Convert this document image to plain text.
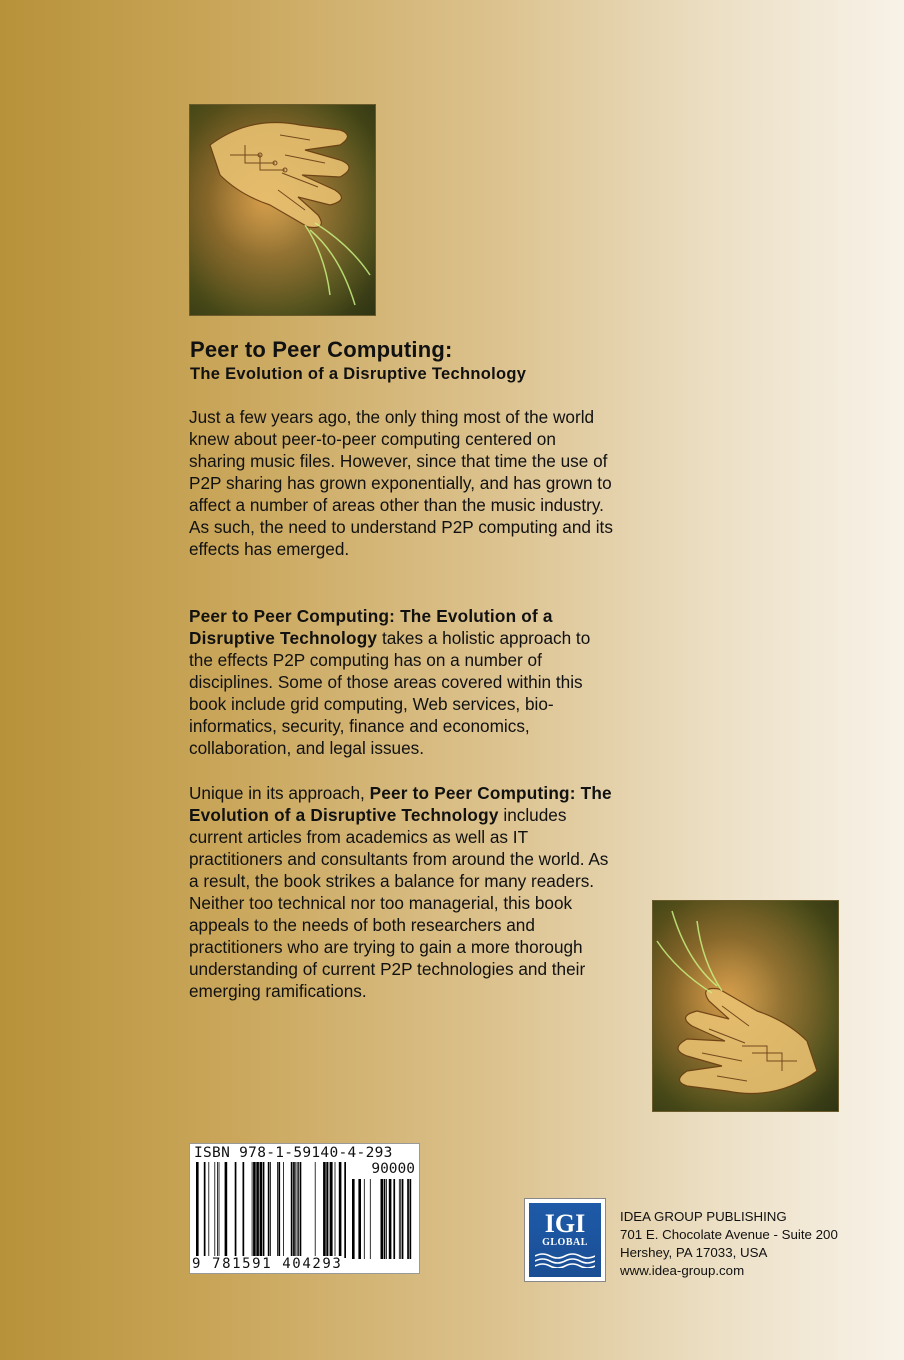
Peer to Peer Computing:
The Evolution of a Disruptive Technology

Just a few years ago, the only thing most of the world knew about peer-to-peer computing centered on sharing music files. However, since that time the use of P2P sharing has grown exponentially, and has grown to affect a number of areas other than the music industry. As such, the need to understand P2P computing and its effects has emerged.

Peer to Peer Computing: The Evolution of a Disruptive Technology takes a holistic approach to the effects P2P computing has on a number of disciplines. Some of those areas covered within this book include grid computing, Web services, bio-informatics, security, finance and economics, collaboration, and legal issues.

Unique in its approach, Peer to Peer Computing: The Evolution of a Disruptive Technology includes current articles from academics as well as IT practitioners and consultants from around the world. As a result, the book strikes a balance for many readers. Neither too technical nor too managerial, this book appeals to the needs of both researchers and practitioners who are trying to gain a more thorough understanding of current P2P technologies and their emerging ramifications.

ISBN 978-1-59140-4-293
90000
9 781591 404293
IGI
GLOBAL
IDEA GROUP PUBLISHING
701 E. Chocolate Avenue - Suite 200
Hershey, PA 17033, USA
www.idea-group.com
